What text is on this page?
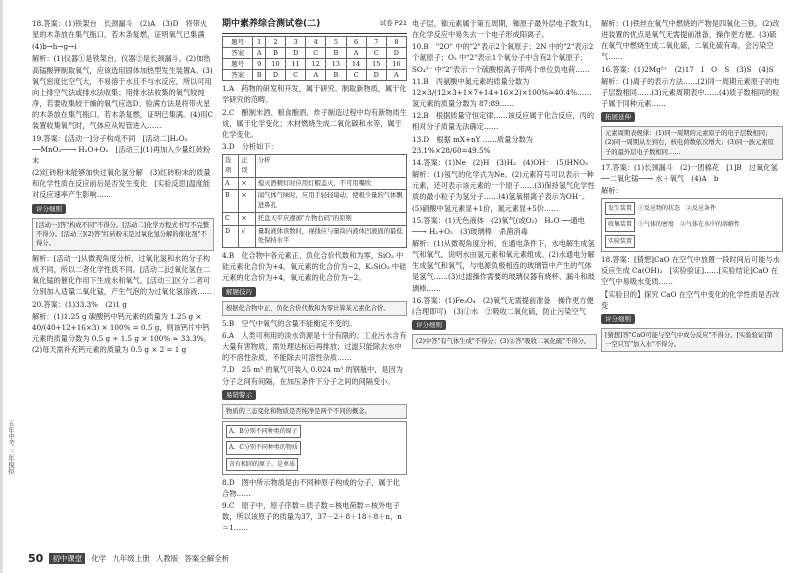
五年中考 三年模拟

18.答案：(1)铁架台　长颈漏斗　(2)A　(3)D　将带火星的木条放在集气瓶口，若木条复燃，证明氧气已集满

(4)b→h→g→i

解析：(1)仪器①是铁架台，仪器②是长颈漏斗。(2)加热高锰酸钾制取氧气，应该选用固体加热型发生装置A。(3)氧气密度比空气大，不易溶于水且不与水反应，所以可用向上排空气法或排水法收集；用排水法收集的氧气较纯净，若要收集较干燥的氧气应选D；验满方法是将带火星的木条放在集气瓶口，若木条复燃，证明已集满。(4)用C装置收集氧气时，气体应从短管进入……

19.答案：[活动一]分子构成不同　[活动二]H₂O₂ ──MnO₂──→ H₂O+O₂　[活动三](1)再加入少量红砖粉末

(2)红砖粉末能够加快过氧化氢分解　(3)红砖粉末的质量和化学性质在反应前后是否发生变化　[实验反思]温度能对反应速率产生影响……

评分细则
[活动一]答"构成不同"不得分。[活动二]化学方程式书写不完整不得分。[活动三](2)答"红砖粉末是过氧化氢分解的催化剂"不得分。

解析：[活动一]从微观角度分析，过氧化氢和水的分子构成不同，所以二者化学性质不同。[活动二]过氧化氢在二氧化锰的催化作用下生成水和氧气。[活动三]区分二者可分别加入适量二氧化锰，产生气泡的为过氧化氢溶液……

20.答案：(1)33.3%　(2)1 g

解析：(1)1.25 g 碳酸钙中钙元素的质量为 1.25 g × 40/(40+12+16×3) × 100% = 0.5 g，则该钙片中钙元素的质量分数为 0.5 g ÷ 1.5 g × 100% ≈ 33.3%。(2)每天需补充钙元素的质量为 0.5 g × 2 = 1 g

期中素养综合测试卷(二)	试卷 P21
题号	1	2	3	4	5	6	7	8
答案	A	B	D	C	B	A	C	D
题号	9	10	11	12	13	14	15	16
答案	B	D	C	A	B	C	D	A

1.A　药物的研发和开发，属于研究、制取新物质，属于化学研究的范畴。

2.C　酿制米酒、粮食酿酒、炸子制造过程中均有新物质生成，属于化学变化；木材燃烧生成二氧化碳和水等，属于化学变化。

3.D　分析如下：

选项	正误	分析
A	×	熄灭酒精灯时应用灯帽盖灭，不可用嘴吹
B	×	闻气体气味时，应用手轻轻扇动，使极少量的气体飘进鼻孔
C	×	托盘天平应遵循"左物右码"的原则
D	√	量取液体读数时，视线应与量筒内液体凹液面的最低处保持水平

4.B　化合物中各元素正、负化合价代数和为零，SiO₂ 中硅元素化合价为+4，氧元素的化合价为−2，K₂SiO₃ 中硅元素的化合价为+4，氧元素的化合价为−2。

解题技巧
根据化合物中正、负化合价代数和为零计算某元素化合价。

5.B　空气中氧气的含量不能衡定不变的。

6.A　人类可利用的淡水资源是十分有限的；工业污水含有大量有害物质，需处理达标后再排放；过滤只能除去水中的不溶性杂质，不能除去可溶性杂质……

7.D　25 m³ 的氧气可装入 0.024 m³ 的钢瓶中，是因为分子之间有间隔，在加压条件下分子之间的间隔变小。

易错警示
物质的三态变化和物质是否纯净是两个不同的概念。
A、B分别不同种类的原子
A、C分别不同种类的物质
含有相同的原子，是单质

8.D　图中所示物质是由不同种原子构成的分子，属于化合物……

9.C　原子中，原子序数＝质子数＝核电荷数＝核外电子数，所以该原子的质量为37，37－2＋8＋18＋8＋n，n＝1……

电子层，铷元素属于第五周期，铷原子最外层电子数为1，在化学反应中易失去一个电子形成阳离子。

10.B　"2O" 中的"2"表示2个氧原子；2N 中的"2"表示2个氮原子；O₂ 中"2"表示1个氧分子中含有2个氧原子；SO₄²⁻ 中"2"表示一个硫酸根离子带两个单位负电荷……

11.B　丙氨酸中氮元素的质量分数为 12×3/(12×3+1×7+14+16×2)×100%≈40.4%……氢元素的质量分数为 87:89……

12.B　根据质量守恒定律……该反应属于化合反应，丙的相对分子质量无法确定……

13.D　根据 mX+nY ……质量分数为 23.1%×28/60=49.5%

14.答案：(1)Ne　(2)H　(3)H₂　(4)OH⁻　(5)HNO₃

解析：(1)氖气的化学式为Ne。(2)元素符号可以表示一种元素，还可表示该元素的一个原子……(3)保持氢气化学性质的最小粒子为氢分子……(4)氢氧根离子表示为OH⁻。(5)硝酸中氢元素显+1价，氮元素显+5价……

15.答案：(1)无色液体　(2)氧气(或O₂)　H₂O ──通电──→ H₂+O₂　(3)玻璃棒　杀菌消毒

解析：(1)从微观角度分析，在通电条件下，水电解生成氢气和氧气，说明水由氢元素和氧元素组成。(2)水通电分解生成氢气和氧气，与电源负极相连的玻璃管中产生的气体是氢气……(3)过滤操作需要的玻璃仪器有烧杯、漏斗和玻璃棒……

16.答案：(1)Fe₃O₄　(2)氧气无需提前准备　操作更方便(合理即可)　(3)①水　②吸收二氧化硫，防止污染空气

评分细则
(2)中答"有气体生成"不得分；(3)②答"吸收二氧化硫"不得分。

解析：(1)铁丝在氧气中燃烧的产物是四氧化三铁。(2)改进装置的优点是氧气无需提前准备，操作更方便。(3)硫在氧气中燃烧生成二氧化硫，二氧化硫有毒，会污染空气……

16.答案：(1)2Mg²⁺　(2)17　I　O　S　(3)S　(4)S

解析：(1)离子的表示方法……(2)同一周期元素原子的电子层数相同……(3)元素周期表中……(4)质子数相同的粒子属于同种元素……

拓展延伸
元素周期表规律：(1)同一周期的元素原子的电子层数相同；(2)同一周期从左到右，核电荷数依次增大；(3)同一族元素原子的最外层电子数相同……

17.答案：(1)长颈漏斗　(2)一团棉花　[1]B　过氧化氢 ──二氧化锰──→ 水＋氧气　(4)A　b

解析：

发生装置	①反应物的状态　②反应条件
收集装置	①气体的密度　②气体在水中的溶解性
实验装置

18.答案：[猜想]CaO 在空气中放置一段时间后可能与水反应生成 Ca(OH)₂　[实验验证]……[实验结论]CaO 在空气中易吸水变质……

【实验目的】探究 CaO 在空气中变化的化学性质是否改变

评分细则
[猜想]答"CaO可能与空气中成分反应"不得分。[实验验证]第一空只写"加入水"不得分。
50	初中课堂	化学 九年级上册 人教版 答案全解全析
